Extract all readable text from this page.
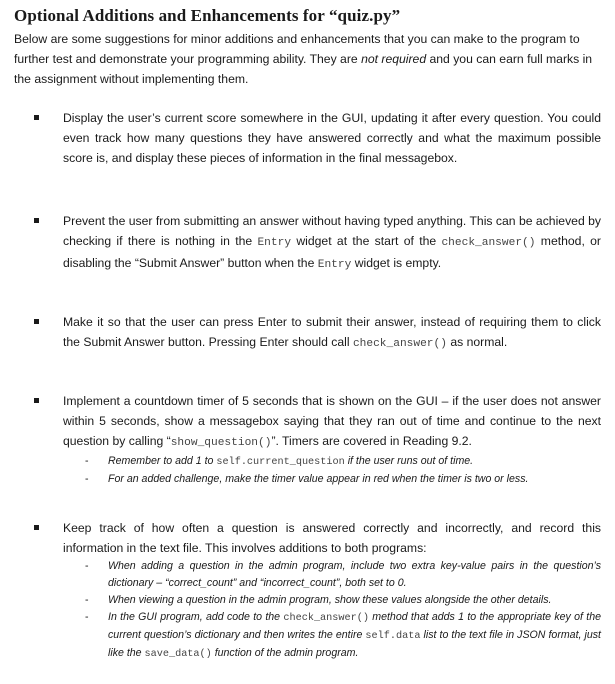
Optional Additions and Enhancements for “quiz.py”

Below are some suggestions for minor additions and enhancements that you can make to the program to further test and demonstrate your programming ability. They are not required and you can earn full marks in the assignment without implementing them.

Display the user’s current score somewhere in the GUI, updating it after every question. You could even track how many questions they have answered correctly and what the maximum possible score is, and display these pieces of information in the final messagebox.
Prevent the user from submitting an answer without having typed anything. This can be achieved by checking if there is nothing in the Entry widget at the start of the check_answer() method, or disabling the “Submit Answer” button when the Entry widget is empty.
Make it so that the user can press Enter to submit their answer, instead of requiring them to click the Submit Answer button. Pressing Enter should call check_answer() as normal.
Implement a countdown timer of 5 seconds that is shown on the GUI – if the user does not answer within 5 seconds, show a messagebox saying that they ran out of time and continue to the next question by calling “show_question()”. Timers are covered in Reading 9.2.
- Remember to add 1 to self.current_question if the user runs out of time.
- For an added challenge, make the timer value appear in red when the timer is two or less.
Keep track of how often a question is answered correctly and incorrectly, and record this information in the text file. This involves additions to both programs:
- When adding a question in the admin program, include two extra key-value pairs in the question’s dictionary – “correct_count” and “incorrect_count”, both set to 0.
- When viewing a question in the admin program, show these values alongside the other details.
- In the GUI program, add code to the check_answer() method that adds 1 to the appropriate key of the current question’s dictionary and then writes the entire self.data list to the text file in JSON format, just like the save_data() function of the admin program.
